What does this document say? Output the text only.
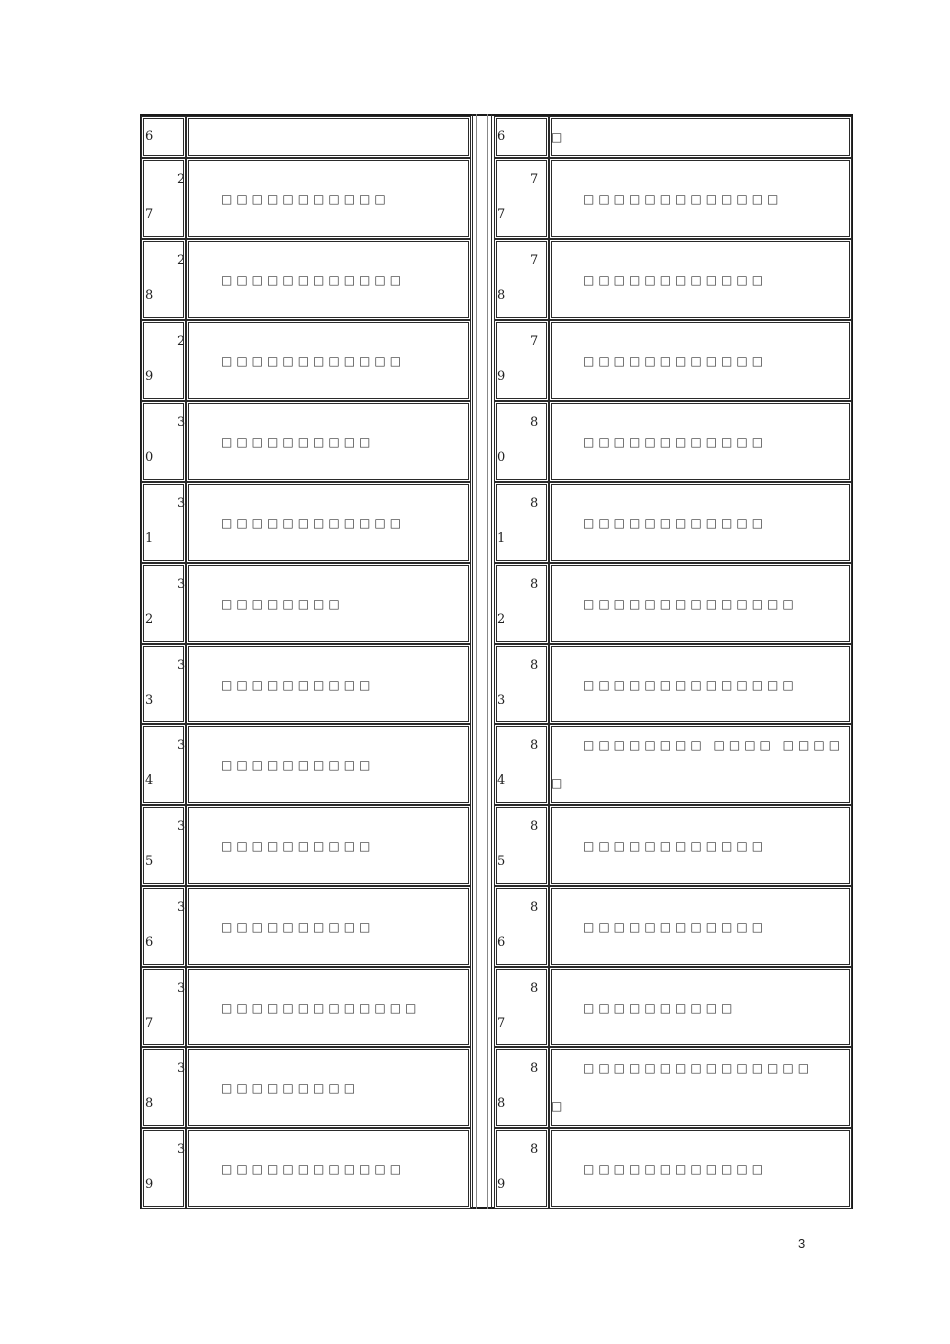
6	6	□
2
7
□□□□□□□□□□□
7
7
□□□□□□□□□□□□□
2
8
□□□□□□□□□□□□
7
8
□□□□□□□□□□□□
2
9
□□□□□□□□□□□□
7
9
□□□□□□□□□□□□
3
0
□□□□□□□□□□
8
0
□□□□□□□□□□□□
3
1
□□□□□□□□□□□□
8
1
□□□□□□□□□□□□
3
2
□□□□□□□□
8
2
□□□□□□□□□□□□□□
3
3
□□□□□□□□□□
8
3
□□□□□□□□□□□□□□
3
4
□□□□□□□□□□
8
4
□□□□□□□□ □□□□ □□□□
□
3
5
□□□□□□□□□□
8
5
□□□□□□□□□□□□
3
6
□□□□□□□□□□
8
6
□□□□□□□□□□□□
3
7
□□□□□□□□□□□□□
8
7
□□□□□□□□□□
3
8
□□□□□□□□□
8
8
□□□□□□□□□□□□□□□
□
3
9
□□□□□□□□□□□□
8
9
□□□□□□□□□□□□
3
